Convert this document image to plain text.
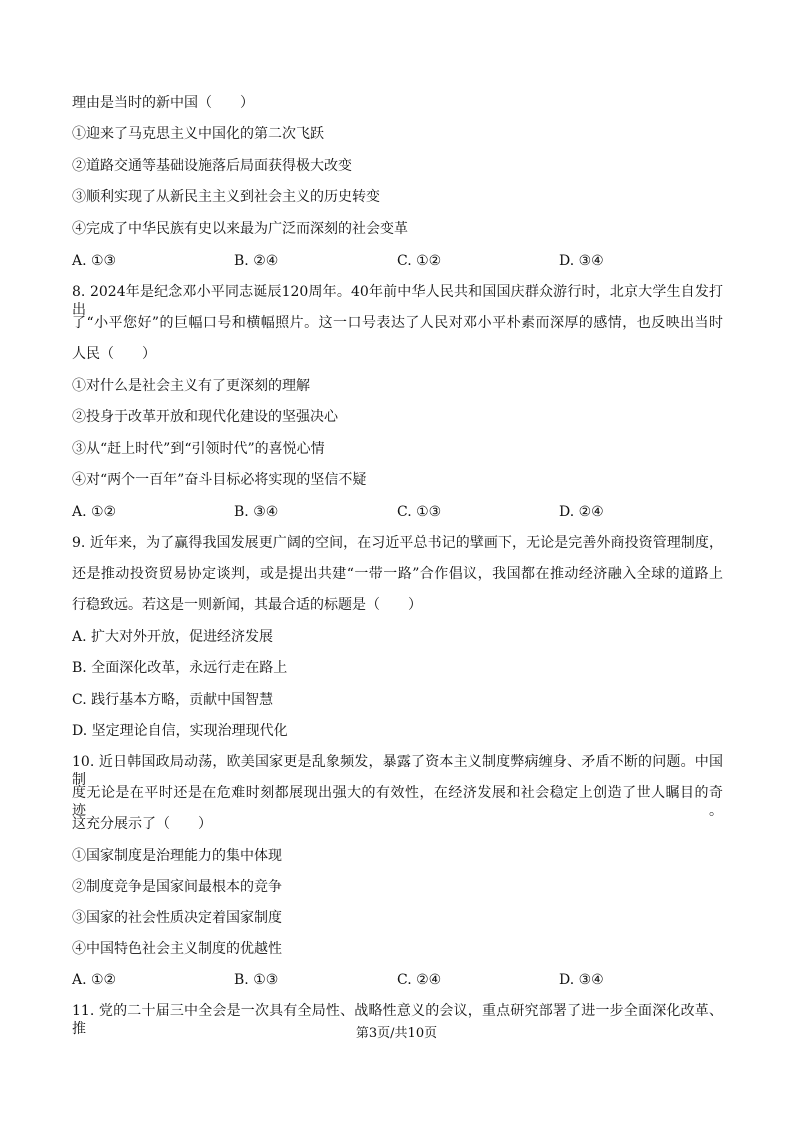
理由是当时的新中国（　　）
①迎来了马克思主义中国化的第二次飞跃
②道路交通等基础设施落后局面获得极大改变
③顺利实现了从新民主主义到社会主义的历史转变
④完成了中华民族有史以来最为广泛而深刻的社会变革
A. ①③	B. ②④	C. ①②	D. ③④
8. 2024年是纪念邓小平同志诞辰120周年。40年前中华人民共和国国庆群众游行时，北京大学生自发打出
了“小平您好”的巨幅口号和横幅照片。这一口号表达了人民对邓小平朴素而深厚的感情，也反映出当时
人民（　　）
①对什么是社会主义有了更深刻的理解
②投身于改革开放和现代化建设的坚强决心
③从“赶上时代”到“引领时代”的喜悦心情
④对“两个一百年”奋斗目标必将实现的坚信不疑
A. ①②	B. ③④	C. ①③	D. ②④
9. 近年来，为了赢得我国发展更广阔的空间，在习近平总书记的擘画下，无论是完善外商投资管理制度，
还是推动投资贸易协定谈判，或是提出共建“一带一路”合作倡议，我国都在推动经济融入全球的道路上
行稳致远。若这是一则新闻，其最合适的标题是（　　）
A. 扩大对外开放，促进经济发展
B. 全面深化改革，永远行走在路上
C. 践行基本方略，贡献中国智慧
D. 坚定理论自信，实现治理现代化
10. 近日韩国政局动荡，欧美国家更是乱象频发，暴露了资本主义制度弊病缠身、矛盾不断的问题。中国制
度无论是在平时还是在危难时刻都展现出强大的有效性，在经济发展和社会稳定上创造了世人瞩目的奇迹。
这充分展示了（　　）
①国家制度是治理能力的集中体现
②制度竞争是国家间最根本的竞争
③国家的社会性质决定着国家制度
④中国特色社会主义制度的优越性
A. ①②	B. ①③	C. ②④	D. ③④
11. 党的二十届三中全会是一次具有全局性、战略性意义的会议，重点研究部署了进一步全面深化改革、推	第3页/共10页
